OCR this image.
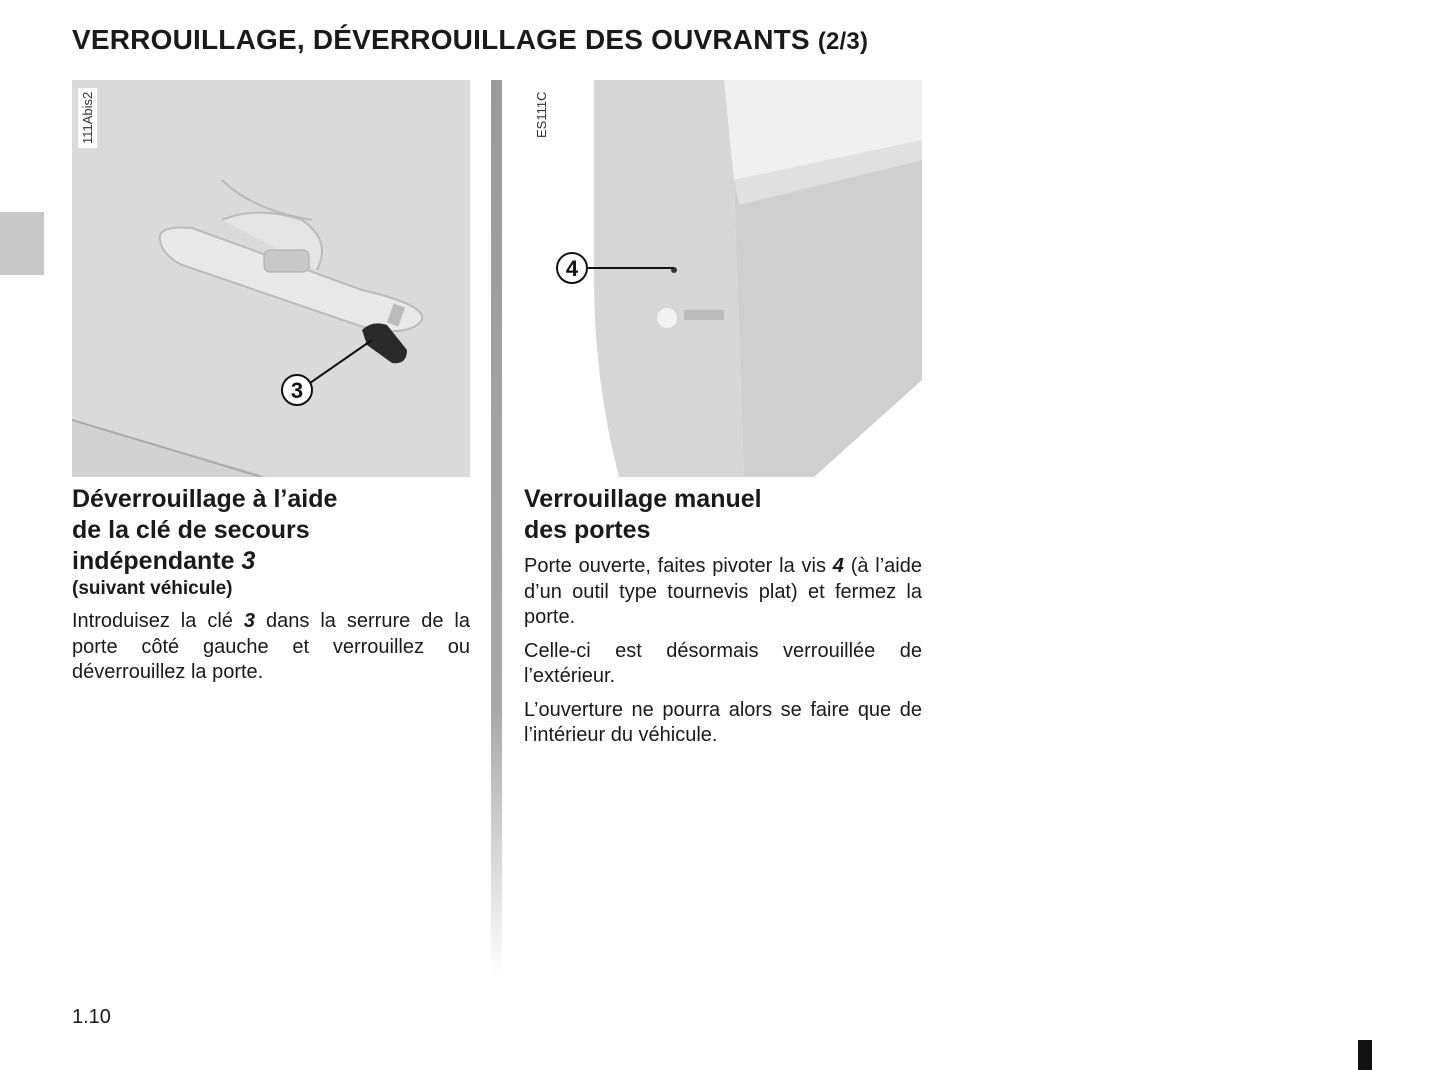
VERROUILLAGE, DÉVERROUILLAGE DES OUVRANTS (2/3)
3
111Abis2
4
ES111C
Déverrouillage à l’aide
de la clé de secours
indépendante 3
(suivant véhicule)

Introduisez la clé 3 dans la serrure de la porte côté gauche et verrouillez ou déverrouillez la porte.

Verrouillage manuel
des portes

Porte ouverte, faites pivoter la vis 4 (à l’aide d’un outil type tournevis plat) et fermez la porte.

Celle-ci est désormais verrouillée de l’extérieur.

L’ouverture ne pourra alors se faire que de l’intérieur du véhicule.

1.10
